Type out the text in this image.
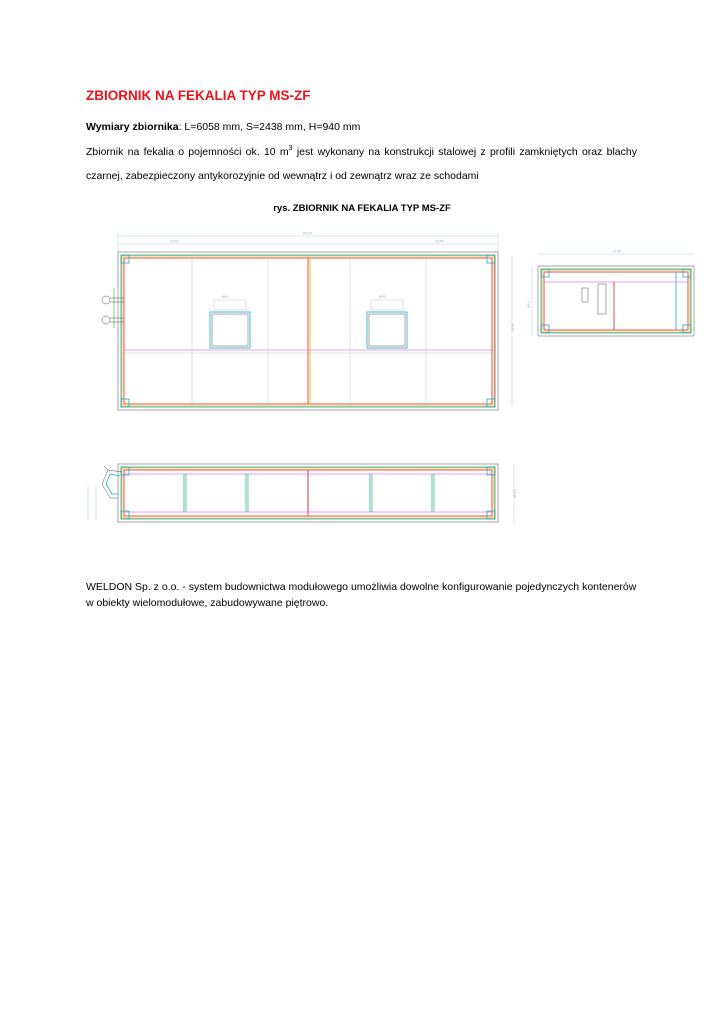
ZBIORNIK NA FEKALIA TYP MS-ZF

Wymiary zbiornika: L=6058 mm, S=2438 mm, H=940 mm

Zbiornik na fekalia o pojemności ok. 10 $m^3$ jest wykonany na konstrukcji stalowej z profili zamkniętych oraz blachy czarnej, zabezpieczony antykorozyjnie od wewnątrz i od zewnątrz wraz ze schodami

rys. ZBIORNIK NA FEKALIA TYP MS-ZF

6058
2940	2940
2438
600	600
2438
940
1010

WELDON Sp. z o.o. - system budownictwa modułowego umożliwia dowolne konfigurowanie pojedynczych kontenerów w obiekty wielomodułowe, zabudowywane piętrowo.
